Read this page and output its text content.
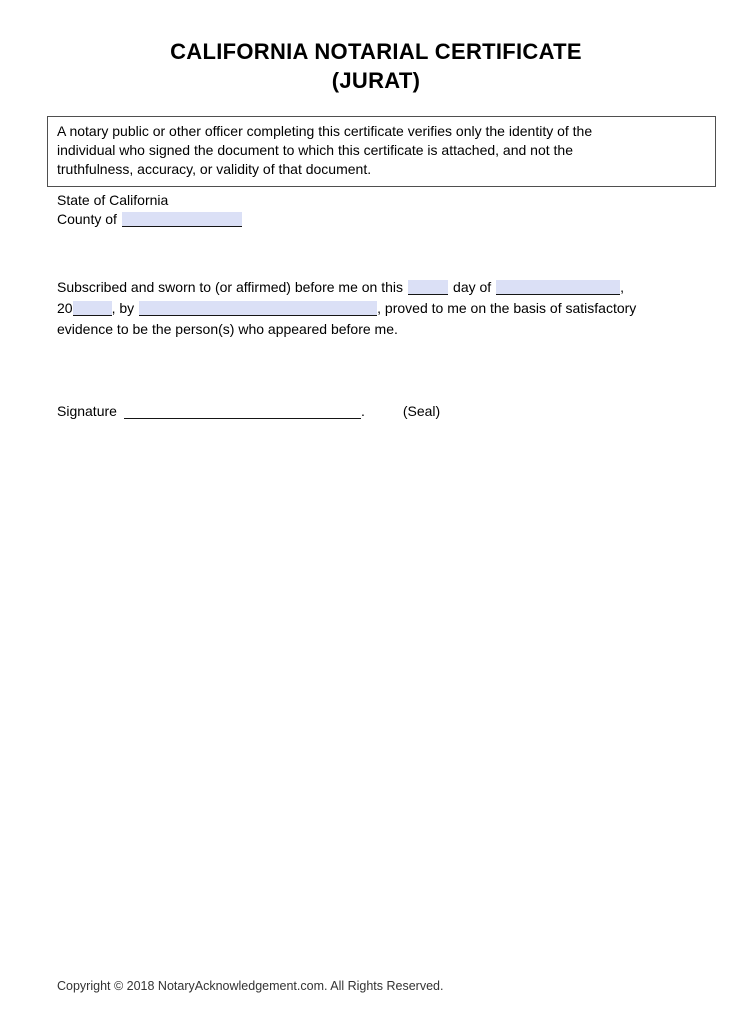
CALIFORNIA NOTARIAL CERTIFICATE
(JURAT)
A notary public or other officer completing this certificate verifies only the identity of the
individual who signed the document to which this certificate is attached, and not the
truthfulness, accuracy, or validity of that document.
State of California
County of
Subscribed and sworn to (or affirmed) before me on this	day of	,
20	, by	, proved to me on the basis of satisfactory
evidence to be the person(s) who appeared before me.
Signature	.	(Seal)
Copyright © 2018 NotaryAcknowledgement.com. All Rights Reserved.
